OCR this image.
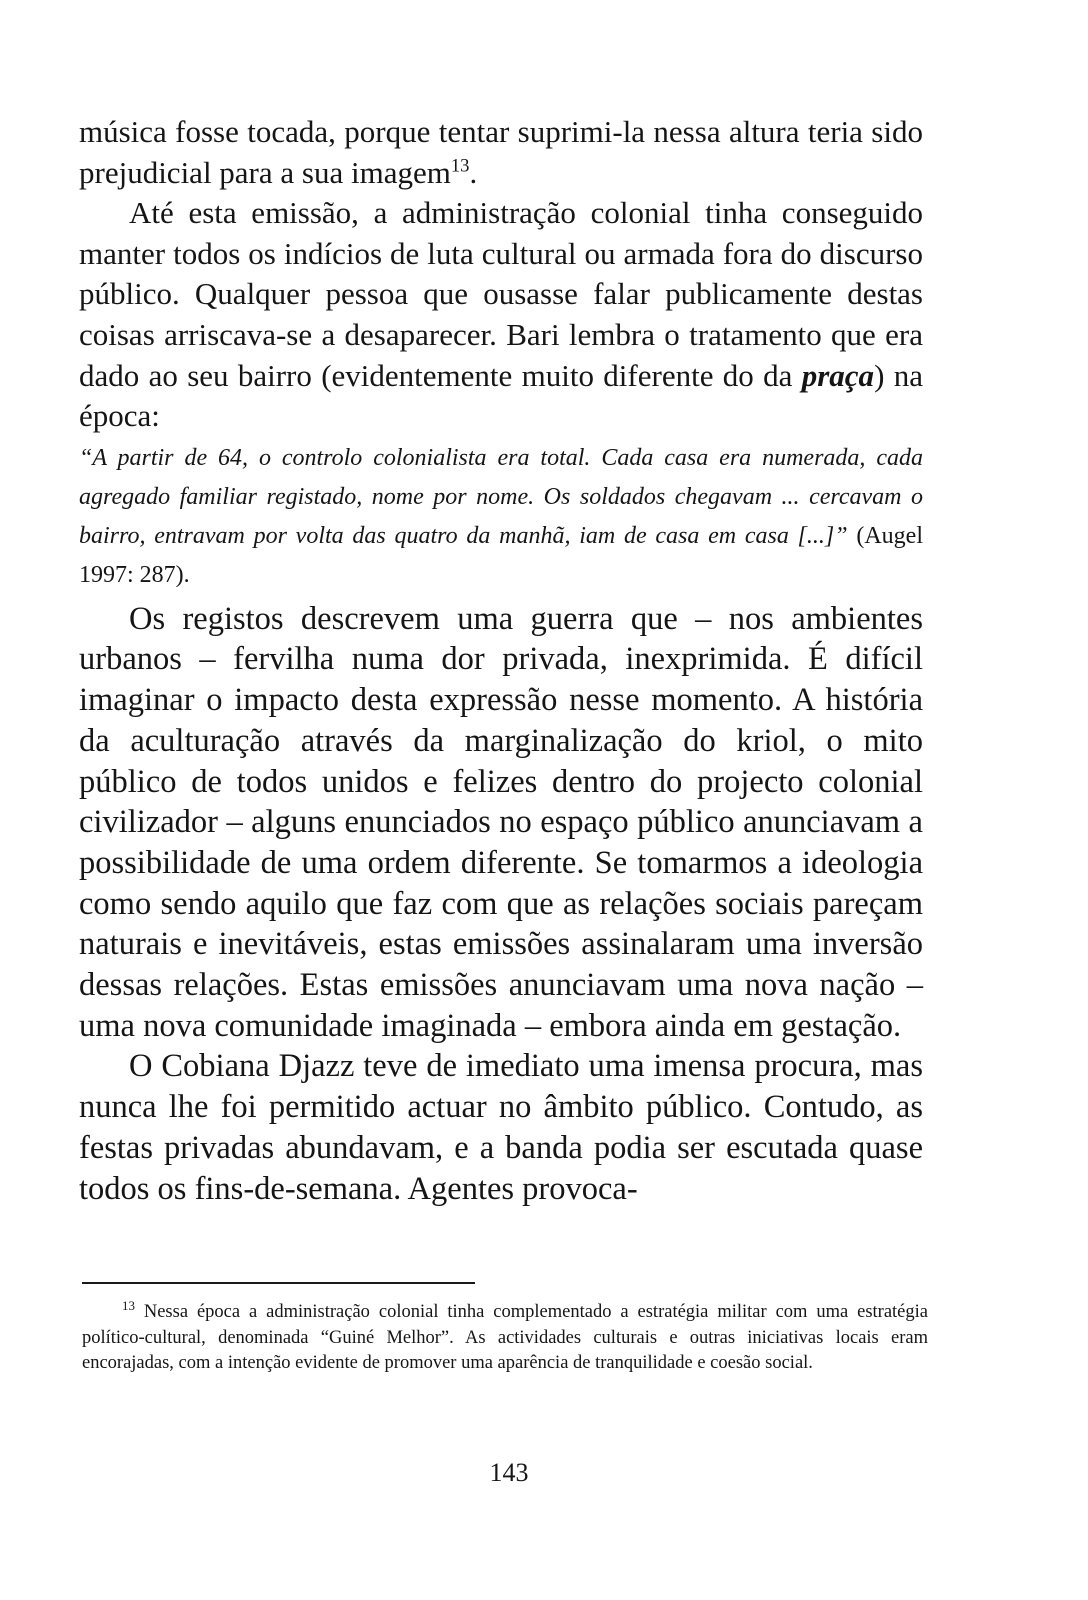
música fosse tocada, porque tentar suprimi-la nessa altura teria sido prejudicial para a sua imagem$^{13}$.

Até esta emissão, a administração colonial tinha conseguido manter todos os indícios de luta cultural ou armada fora do discurso público. Qualquer pessoa que ousasse falar publicamente destas coisas arriscava-se a desaparecer. Bari lembra o tratamento que era dado ao seu bairro (evidentemente muito diferente do da praça) na época:

“A partir de 64, o controlo colonialista era total. Cada casa era numerada, cada agregado familiar registado, nome por nome. Os soldados chegavam ... cercavam o bairro, entravam por volta das quatro da manhã, iam de casa em casa [...]” (Augel 1997: 287).

Os registos descrevem uma guerra que – nos ambientes urbanos – fervilha numa dor privada, inexprimida. É difícil imaginar o impacto desta expressão nesse momento. A história da aculturação através da marginalização do kriol, o mito público de todos unidos e felizes dentro do projecto colonial civilizador – alguns enunciados no espaço público anunciavam a possibilidade de uma ordem diferente. Se tomarmos a ideologia como sendo aquilo que faz com que as relações sociais pareçam naturais e inevitáveis, estas emissões assinalaram uma inversão dessas relações. Estas emissões anunciavam uma nova nação – uma nova comunidade imaginada – embora ainda em gestação.

O Cobiana Djazz teve de imediato uma imensa procura, mas nunca lhe foi permitido actuar no âmbito público. Contudo, as festas privadas abundavam, e a banda podia ser escutada quase todos os fins-de-semana. Agentes provoca-

$^{13}$ Nessa época a administração colonial tinha complementado a estratégia militar com uma estratégia político-cultural, denominada “Guiné Melhor”. As actividades culturais e outras iniciativas locais eram encorajadas, com a intenção evidente de promover uma aparência de tranquilidade e coesão social.

143
